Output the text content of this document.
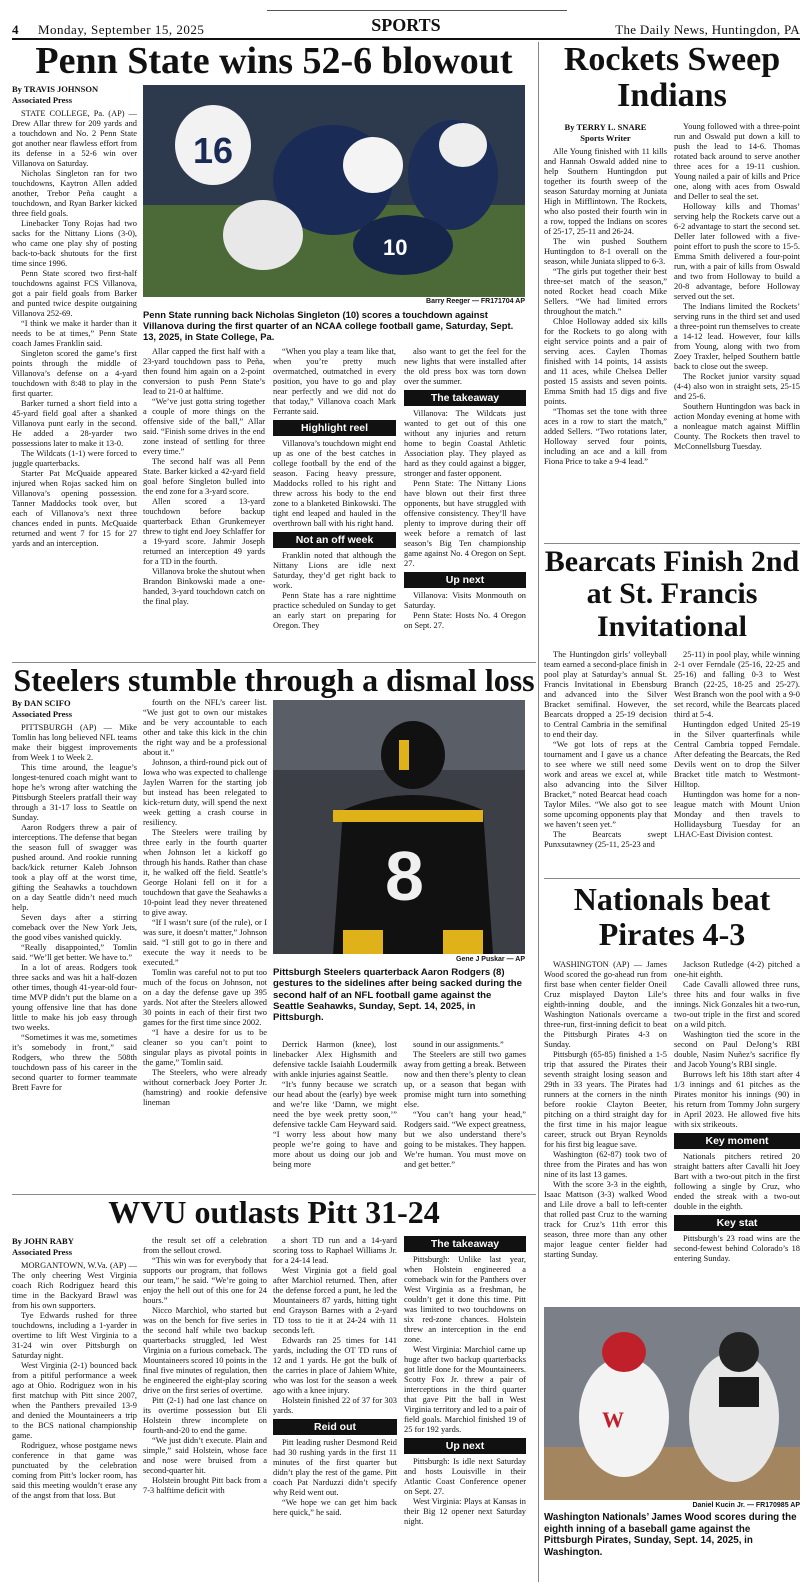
4 Monday, September 15, 2025	SPORTS	The Daily News, Huntingdon, PA
Penn State wins 52-6 blowout
By TRAVIS JOHNSON
Associated Press

STATE COLLEGE, Pa. (AP) — Drew Allar threw for 209 yards and a touchdown and No. 2 Penn State got another near flawless effort from its defense in a 52-6 win over Villanova on Saturday.

Nicholas Singleton ran for two touchdowns, Kaytron Allen added another, Trebor Peña caught a touchdown, and Ryan Barker kicked three field goals.

Linebacker Tony Rojas had two sacks for the Nittany Lions (3-0), who came one play shy of posting back-to-back shutouts for the first time since 1996.

Penn State scored two first-half touchdowns against FCS Villanova, got a pair field goals from Barker and punted twice despite outgaining Villanova 252-69.

“I think we make it harder than it needs to be at times,” Penn State coach James Franklin said.

Singleton scored the game’s first points through the middle of Villanova’s defense on a 4-yard touchdown with 8:48 to play in the first quarter.

Barker turned a short field into a 45-yard field goal after a shanked Villanova punt early in the second. He added a 28-yarder two possessions later to make it 13-0.

The Wildcats (1-1) were forced to juggle quarterbacks.

Starter Pat McQuaide appeared injured when Rojas sacked him on Villanova’s opening possession. Tanner Maddocks took over, but each of Villanova’s next three chances ended in punts. McQuaide returned and went 7 for 15 for 27 yards and an interception.

16
10
Barry Reeger — FR171704 AP
Penn State running back Nicholas Singleton (10) scores a touchdown against Villanova during the first quarter of an NCAA college football game, Saturday, Sept. 13, 2025, in State College, Pa.

Allar capped the first half with a 23-yard touchdown pass to Peña, then found him again on a 2-point conversion to push Penn State’s lead to 21-0 at halftime.

“We’ve just gotta string together a couple of more things on the offensive side of the ball,” Allar said. “Finish some drives in the end zone instead of settling for three every time.”

The second half was all Penn State. Barker kicked a 42-yard field goal before Singleton bulled into the end zone for a 3-yard score.

Allen scored a 13-yard touchdown before backup quarterback Ethan Grunkemeyer threw to tight end Joey Schlaffer for a 19-yard score. Jahmir Joseph returned an interception 49 yards for a TD in the fourth.

Villanova broke the shutout when Brandon Binkowski made a one-handed, 3-yard touchdown catch on the final play.

“When you play a team like that, when you’re pretty much overmatched, outmatched in every position, you have to go and play near perfectly and we did not do that today,” Villanova coach Mark Ferrante said.

Highlight reel

Villanova’s touchdown might end up as one of the best catches in college football by the end of the season. Facing heavy pressure, Maddocks rolled to his right and threw across his body to the end zone to a blanketed Binkowski. The tight end leaped and hauled in the overthrown ball with his right hand.

Not an off week

Franklin noted that although the Nittany Lions are idle next Saturday, they’d get right back to work.

Penn State has a rare nighttime practice scheduled on Sunday to get an early start on preparing for Oregon. They

also want to get the feel for the new lights that were installed after the old press box was torn down over the summer.

The takeaway

Villanova: The Wildcats just wanted to get out of this one without any injuries and return home to begin Coastal Athletic Association play. They played as hard as they could against a bigger, stronger and faster opponent.

Penn State: The Nittany Lions have blown out their first three opponents, but have struggled with offensive consistency. They’ll have plenty to improve during their off week before a rematch of last season’s Big Ten championship game against No. 4 Oregon on Sept. 27.

Up next

Villanova: Visits Monmouth on Saturday.

Penn State: Hosts No. 4 Oregon on Sept. 27.

Rockets Sweep Indians
By TERRY L. SNARE
Sports Writer

Alle Young finished with 11 kills and Hannah Oswald added nine to help Southern Huntingdon put together its fourth sweep of the season Saturday morning at Juniata High in Mifflintown. The Rockets, who also posted their fourth win in a row, topped the Indians on scores of 25-17, 25-11 and 26-24.

The win pushed Southern Huntingdon to 8-1 overall on the season, while Juniata slipped to 6-3.

“The girls put together their best three-set match of the season,” noted Rocket head coach Mike Sellers. “We had limited errors throughout the match.”

Chloe Holloway added six kills for the Rockets to go along with eight service points and a pair of serving aces. Caylen Thomas finished with 14 points, 14 assists and 11 aces, while Chelsea Deller posted 15 assists and seven points. Emma Smith had 15 digs and five points.

“Thomas set the tone with three aces in a row to start the match,” added Sellers. “Two rotations later, Holloway served four points, including an ace and a kill from Fiona Price to take a 9-4 lead.”

Young followed with a three-point run and Oswald put down a kill to push the lead to 14-6. Thomas rotated back around to serve another three aces for a 19-11 cushion. Young nailed a pair of kills and Price one, along with aces from Oswald and Deller to seal the set.

Holloway kills and Thomas’ serving help the Rockets carve out a 6-2 advantage to start the second set. Deller later followed with a five-point effort to push the score to 15-5. Emma Smith delivered a four-point run, with a pair of kills from Oswald and two from Holloway to build a 20-8 advantage, before Holloway served out the set.

The Indians limited the Rockets’ serving runs in the third set and used a three-point run themselves to create a 14-12 lead. However, four kills from Young, along with two from Zoey Traxler, helped Southern battle back to close out the sweep.

The Rocket junior varsity squad (4-4) also won in straight sets, 25-15 and 25-6.

Southern Huntingdon was back in action Monday evening at home with a nonleague match against Mifflin County. The Rockets then travel to McConnellsburg Tuesday.

Bearcats Finish 2nd at St. Francis Invitational

The Huntingdon girls’ volleyball team earned a second-place finish in pool play at Saturday’s annual St. Francis Invitational in Ebensburg and advanced into the Silver Bracket semifinal. However, the Bearcats dropped a 25-19 decision to Central Cambria in the semifinal to end their day.

“We got lots of reps at the tournament and I gave us a chance to see where we still need some work and areas we excel at, while also advancing into the Silver Bracket,” noted Bearcat head coach Taylor Miles. “We also got to see some upcoming opponents play that we haven’t seen yet.”

The Bearcats swept Punxsutawney (25-11, 25-23 and

25-11) in pool play, while winning 2-1 over Ferndale (25-16, 22-25 and 25-16) and falling 0-3 to West Branch (22-25, 18-25 and 25-27). West Branch won the pool with a 9-0 set record, while the Bearcats placed third at 5-4.

Huntingdon edged United 25-19 in the Silver quarterfinals while Central Cambria topped Ferndale. After defeating the Bearcats, the Red Devils went on to drop the Silver Bracket title match to Westmont-Hilltop.

Huntingdon was home for a non-league match with Mount Union Monday and then travels to Hollidaysburg Tuesday for an LHAC-East Division contest.

Nationals beat Pirates 4-3

WASHINGTON (AP) — James Wood scored the go-ahead run from first base when center fielder Oneil Cruz misplayed Dayton Lile’s eighth-inning double, and the Washington Nationals overcame a three-run, first-inning deficit to beat the Pittsburgh Pirates 4-3 on Sunday.

Pittsburgh (65-85) finished a 1-5 trip that assured the Pirates their seventh straight losing season and 29th in 33 years. The Pirates had runners at the corners in the ninth before rookie Clayton Beeter, pitching on a third straight day for the first time in his major league career, struck out Bryan Reynolds for his first big league save.

Washington (62-87) took two of three from the Pirates and has won nine of its last 13 games.

With the score 3-3 in the eighth, Isaac Mattson (3-3) walked Wood and Lile drove a ball to left-center that rolled past Cruz to the warning track for Cruz’s 11th error this season, three more than any other major league center fielder had starting Sunday.

Jackson Rutledge (4-2) pitched a one-hit eighth.

Cade Cavalli allowed three runs, three hits and four walks in five innings. Nick Gonzales hit a two-run, two-out triple in the first and scored on a wild pitch.

Washington tied the score in the second on Paul DeJong’s RBI double, Nasim Nuñez’s sacrifice fly and Jacob Young’s RBI single.

Burrows left his 18th start after 4 1/3 innings and 61 pitches as the Pirates monitor his innings (90) in his return from Tommy John surgery in April 2023. He allowed five hits with six strikeouts.

Key moment

Nationals pitchers retired 20 straight batters after Cavalli hit Joey Bart with a two-out pitch in the first following a single by Cruz, who ended the streak with a two-out double in the eighth.

Key stat

Pittsburgh’s 23 road wins are the second-fewest behind Colorado’s 18 entering Sunday.

W
Daniel Kucin Jr. — FR170985 AP
Washington Nationals’ James Wood scores during the eighth inning of a baseball game against the Pittsburgh Pirates, Sunday, Sept. 14, 2025, in Washington.
Steelers stumble through a dismal loss
By DAN SCIFO
Associated Press

PITTSBURGH (AP) — Mike Tomlin has long believed NFL teams make their biggest improvements from Week 1 to Week 2.

This time around, the league’s longest-tenured coach might want to hope he’s wrong after watching the Pittsburgh Steelers pratfall their way through a 31-17 loss to Seattle on Sunday.

Aaron Rodgers threw a pair of interceptions. The defense that began the season full of swagger was pushed around. And rookie running back/kick returner Kaleb Johnson took a play off at the worst time, gifting the Seahawks a touchdown on a day Seattle didn’t need much help.

Seven days after a stirring comeback over the New York Jets, the good vibes vanished quickly.

“Really disappointed,” Tomlin said. “We’ll get better. We have to.”

In a lot of areas. Rodgers took three sacks and was hit a half-dozen other times, though 41-year-old four-time MVP didn’t put the blame on a young offensive line that has done little to make his job easy through two weeks.

“Sometimes it was me, sometimes it’s somebody in front,” said Rodgers, who threw the 508th touchdown pass of his career in the second quarter to former teammate Brett Favre for

fourth on the NFL’s career list. “We just got to own our mistakes and be very accountable to each other and take this kick in the chin the right way and be a professional about it.”

Johnson, a third-round pick out of Iowa who was expected to challenge Jaylen Warren for the starting job but instead has been relegated to kick-return duty, will spend the next week getting a crash course in resiliency.

The Steelers were trailing by three early in the fourth quarter when Johnson let a kickoff go through his hands. Rather than chase it, he walked off the field. Seattle’s George Holani fell on it for a touchdown that gave the Seahawks a 10-point lead they never threatened to give away.

“If I wasn’t sure (of the rule), or I was sure, it doesn’t matter,” Johnson said. “I still got to go in there and execute the way it needs to be executed.”

Tomlin was careful not to put too much of the focus on Johnson, not on a day the defense gave up 395 yards. Not after the Steelers allowed 30 points in each of their first two games for the first time since 2002.

“I have a desire for us to be cleaner so you can’t point to singular plays as pivotal points in the game,” Tomlin said.

The Steelers, who were already without cornerback Joey Porter Jr. (hamstring) and rookie defensive lineman

8
Gene J Puskar — AP
Pittsburgh Steelers quarterback Aaron Rodgers (8) gestures to the sidelines after being sacked during the second half of an NFL football game against the Seattle Seahawks, Sunday, Sept. 14, 2025, in Pittsburgh.

Derrick Harmon (knee), lost linebacker Alex Highsmith and defensive tackle Isaiahh Loudermilk with ankle injuries against Seattle.

“It’s funny because we scratch our head about the (early) bye week and we’re like ‘Damn, we might need the bye week pretty soon,’” defensive tackle Cam Heyward said. “I worry less about how many people we’re going to have and more about us doing our job and being more

sound in our assignments.”

The Steelers are still two games away from getting a break. Between now and then there’s plenty to clean up, or a season that began with promise might turn into something else.

“You can’t hang your head,” Rodgers said. “We expect greatness, but we also understand there’s going to be mistakes. They happen. We’re human. You must move on and get better.”

WVU outlasts Pitt 31-24
By JOHN RABY
Associated Press

MORGANTOWN, W.Va. (AP) — The only cheering West Virginia coach Rich Rodriguez heard this time in the Backyard Brawl was from his own supporters.

Tye Edwards rushed for three touchdowns, including a 1-yarder in overtime to lift West Virginia to a 31-24 win over Pittsburgh on Saturday night.

West Virginia (2-1) bounced back from a pitiful performance a week ago at Ohio. Rodriguez won in his first matchup with Pitt since 2007, when the Panthers prevailed 13-9 and denied the Mountaineers a trip to the BCS national championship game.

Rodriguez, whose postgame news conference in that game was punctuated by the celebration coming from Pitt’s locker room, has said this meeting wouldn’t erase any of the angst from that loss. But

the result set off a celebration from the sellout crowd.

“This win was for everybody that supports our program, that follows our team,” he said. “We’re going to enjoy the hell out of this one for 24 hours.”

Nicco Marchiol, who started but was on the bench for five series in the second half while two backup quarterbacks struggled, led West Virginia on a furious comeback. The Mountaineers scored 10 points in the final five minutes of regulation, then he engineered the eight-play scoring drive on the first series of overtime.

Pitt (2-1) had one last chance on its overtime possession but Eli Holstein threw incomplete on fourth-and-20 to end the game.

“We just didn’t execute. Plain and simple,” said Holstein, whose face and nose were bruised from a second-quarter hit.

Holstein brought Pitt back from a 7-3 halftime deficit with

a short TD run and a 14-yard scoring toss to Raphael Williams Jr. for a 24-14 lead.

West Virginia got a field goal after Marchiol returned. Then, after the defense forced a punt, he led the Mountaineers 87 yards, hitting tight end Grayson Barnes with a 2-yard TD toss to tie it at 24-24 with 11 seconds left.

Edwards ran 25 times for 141 yards, including the OT TD runs of 12 and 1 yards. He got the bulk of the carries in place of Jahiem White, who was lost for the season a week ago with a knee injury.

Holstein finished 22 of 37 for 303 yards.

Reid out

Pitt leading rusher Desmond Reid had 30 rushing yards in the first 11 minutes of the first quarter but didn’t play the rest of the game. Pitt coach Pat Narduzzi didn’t specify why Reid went out.

“We hope we can get him back here quick,” he said.

The takeaway

Pittsburgh: Unlike last year, when Holstein engineered a comeback win for the Panthers over West Virginia as a freshman, he couldn’t get it done this time. Pitt was limited to two touchdowns on six red-zone chances. Holstein threw an interception in the end zone.

West Virginia: Marchiol came up huge after two backup quarterbacks got little done for the Mountaineers. Scotty Fox Jr. threw a pair of interceptions in the third quarter that gave Pitt the ball in West Virginia territory and led to a pair of field goals. Marchiol finished 19 of 25 for 192 yards.

Up next

Pittsburgh: Is idle next Saturday and hosts Louisville in their Atlantic Coast Conference opener on Sept. 27.

West Virginia: Plays at Kansas in their Big 12 opener next Saturday night.
